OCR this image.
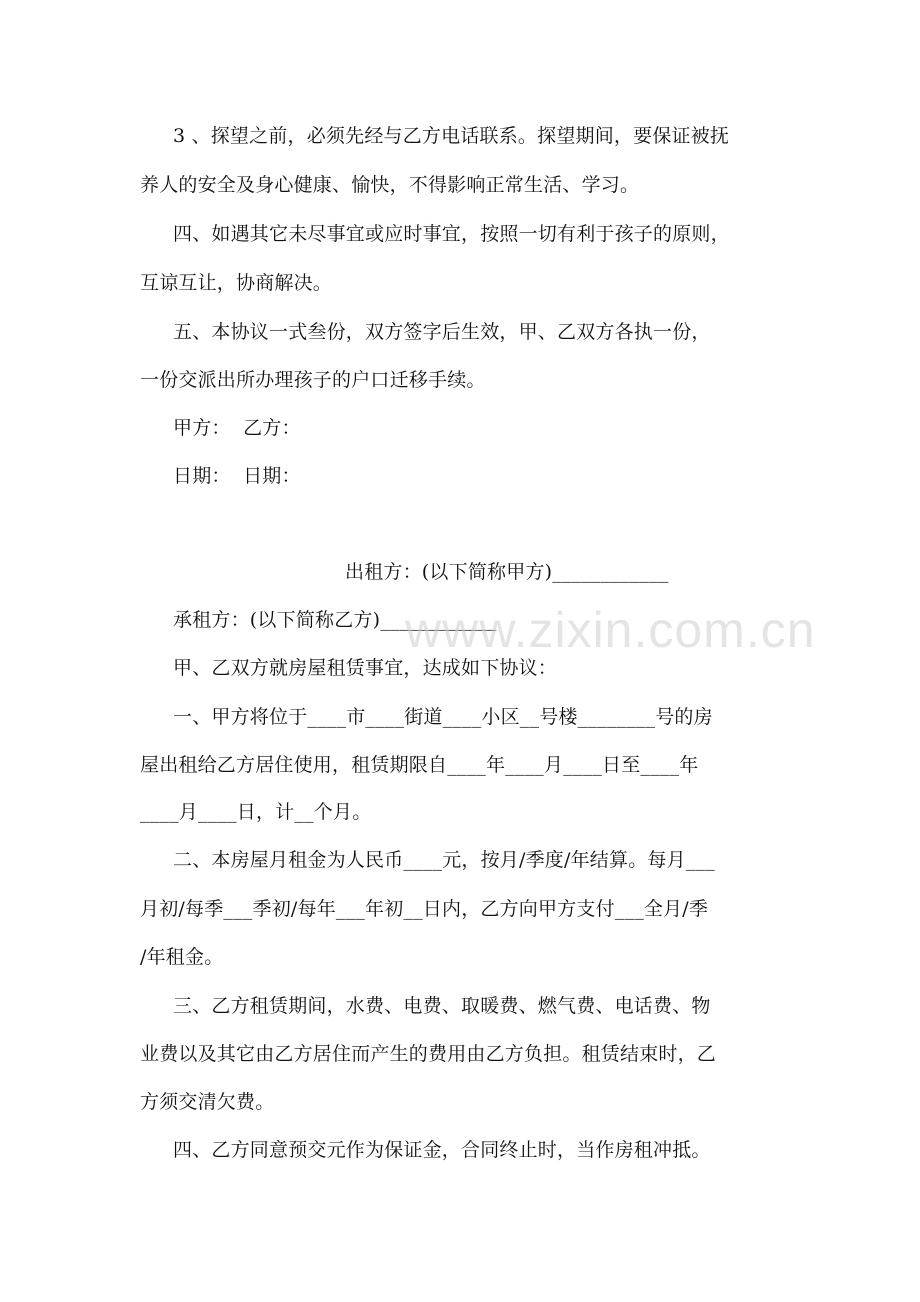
3 、探望之前，必须先经与乙方电话联系。探望期间，要保证被抚
养人的安全及身心健康、愉快，不得影响正常生活、学习。
四、如遇其它未尽事宜或应时事宜，按照一切有利于孩子的原则，
互谅互让，协商解决。
五、本协议一式叁份，双方签字后生效，甲、乙双方各执一份，
一份交派出所办理孩子的户口迁移手续。
甲方：  乙方：
日期：  日期：
出租方：(以下简称甲方)____________
承租方：(以下简称乙方)____________
甲、乙双方就房屋租赁事宜，达成如下协议：
一、甲方将位于____市____街道____小区__号楼________号的房
屋出租给乙方居住使用，租赁期限自____年____月____日至____年
____月____日，计__个月。
二、本房屋月租金为人民币____元，按月/季度/年结算。每月___
月初/每季___季初/每年___年初__日内，乙方向甲方支付___全月/季
/年租金。
三、乙方租赁期间，水费、电费、取暖费、燃气费、电话费、物
业费以及其它由乙方居住而产生的费用由乙方负担。租赁结束时，乙
方须交清欠费。
四、乙方同意预交元作为保证金，合同终止时，当作房租冲抵。
www.zixin.com.cn
